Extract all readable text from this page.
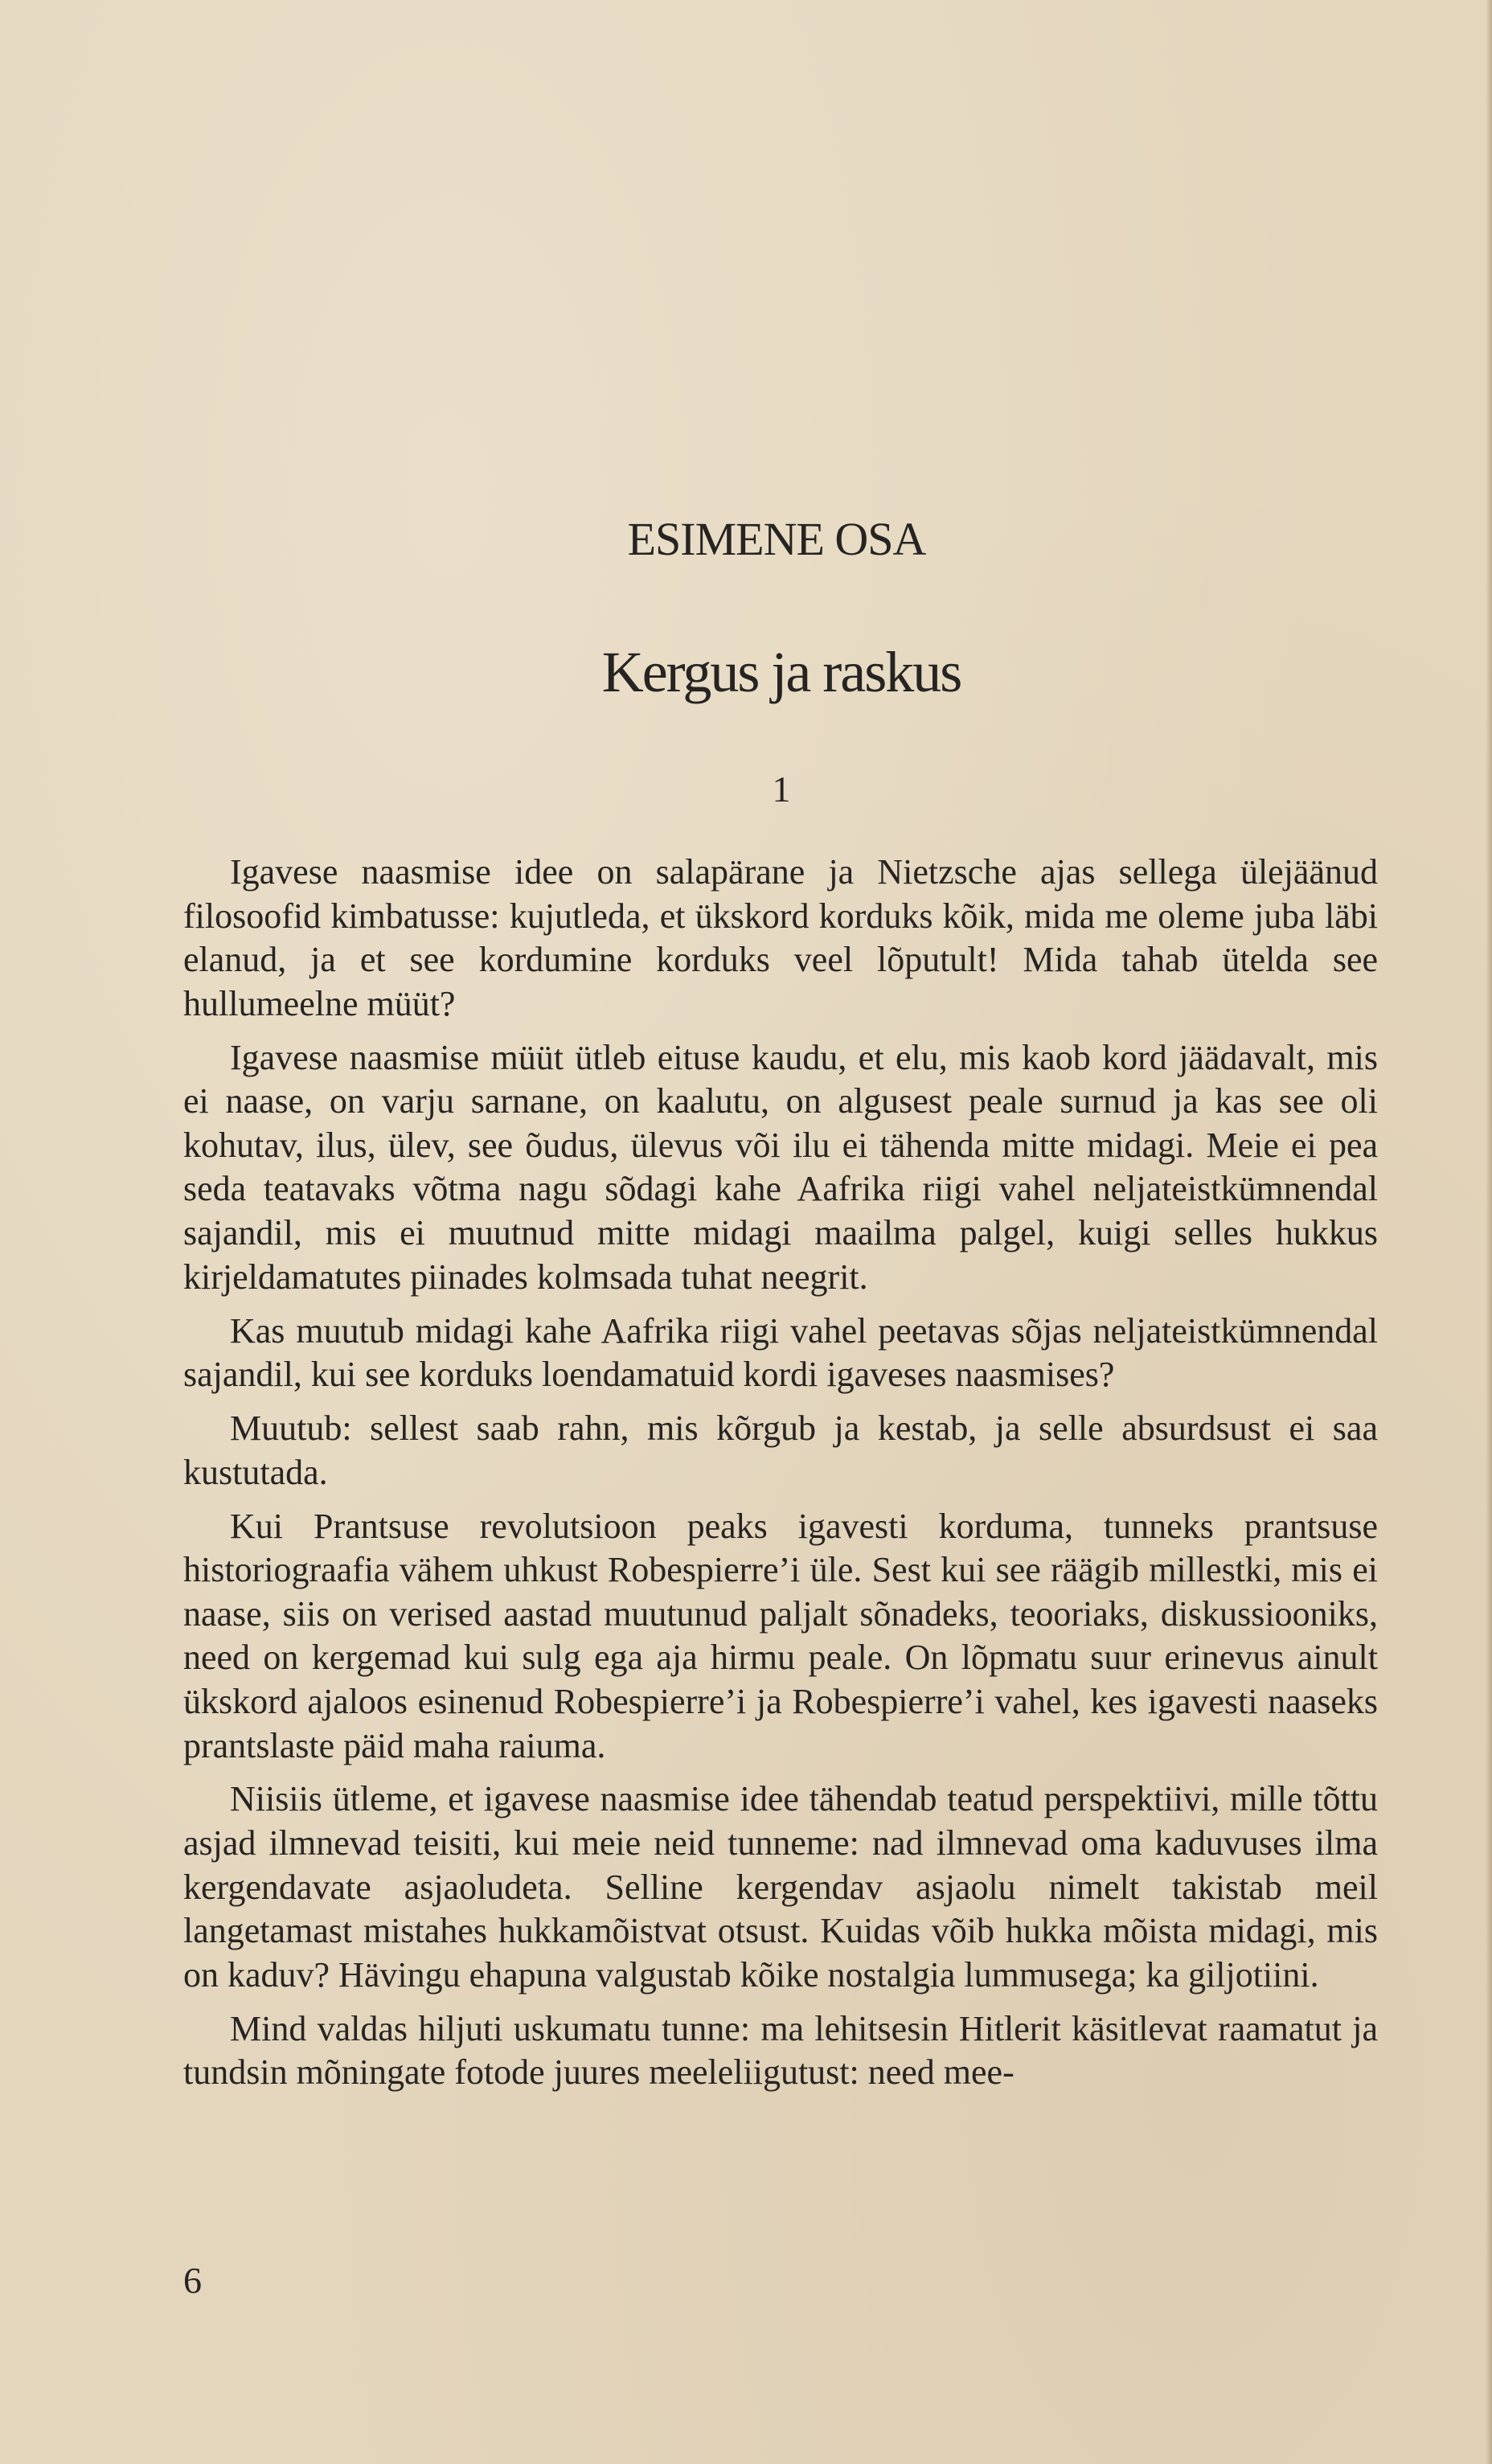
ESIMENE OSA
Kergus ja raskus
1

Igavese naasmise idee on salapärane ja Nietzsche ajas sellega ülejäänud filosoofid kimbatusse: kujutleda, et ükskord korduks kõik, mida me oleme juba läbi elanud, ja et see kordumine korduks veel lõputult! Mida tahab ütelda see hullumeelne müüt?

Igavese naasmise müüt ütleb eituse kaudu, et elu, mis kaob kord jäädavalt, mis ei naase, on varju sarnane, on kaalutu, on algusest peale surnud ja kas see oli kohutav, ilus, ülev, see õudus, ülevus või ilu ei tähenda mitte midagi. Meie ei pea seda teatavaks võtma nagu sõdagi kahe Aafrika riigi vahel neljateistkümnendal sajandil, mis ei muutnud mitte midagi maailma palgel, kuigi selles hukkus kirjeldamatutes piinades kolmsada tuhat neegrit.

Kas muutub midagi kahe Aafrika riigi vahel peetavas sõjas neljateistkümnendal sajandil, kui see korduks loendamatuid kordi igaveses naasmises?

Muutub: sellest saab rahn, mis kõrgub ja kestab, ja selle absurdsust ei saa kustutada.

Kui Prantsuse revolutsioon peaks igavesti korduma, tunneks prantsuse historiograafia vähem uhkust Robespierre’i üle. Sest kui see räägib millestki, mis ei naase, siis on verised aastad muutunud paljalt sõnadeks, teooriaks, diskussiooniks, need on kergemad kui sulg ega aja hirmu peale. On lõpmatu suur erinevus ainult ükskord ajaloos esinenud Robespierre’i ja Robespierre’i vahel, kes igavesti naaseks prantslaste päid maha raiuma.

Niisiis ütleme, et igavese naasmise idee tähendab teatud perspektiivi, mille tõttu asjad ilmnevad teisiti, kui meie neid tunneme: nad ilmnevad oma kaduvuses ilma kergendavate asjaoludeta. Selline kergendav asjaolu nimelt takistab meil langetamast mistahes hukkamõistvat otsust. Kuidas võib hukka mõista midagi, mis on kaduv? Hävingu ehapuna valgustab kõike nostalgia lummusega; ka giljotiini.

Mind valdas hiljuti uskumatu tunne: ma lehitsesin Hitlerit käsitlevat raamatut ja tundsin mõningate fotode juures meeleliigutust: need mee-

6
